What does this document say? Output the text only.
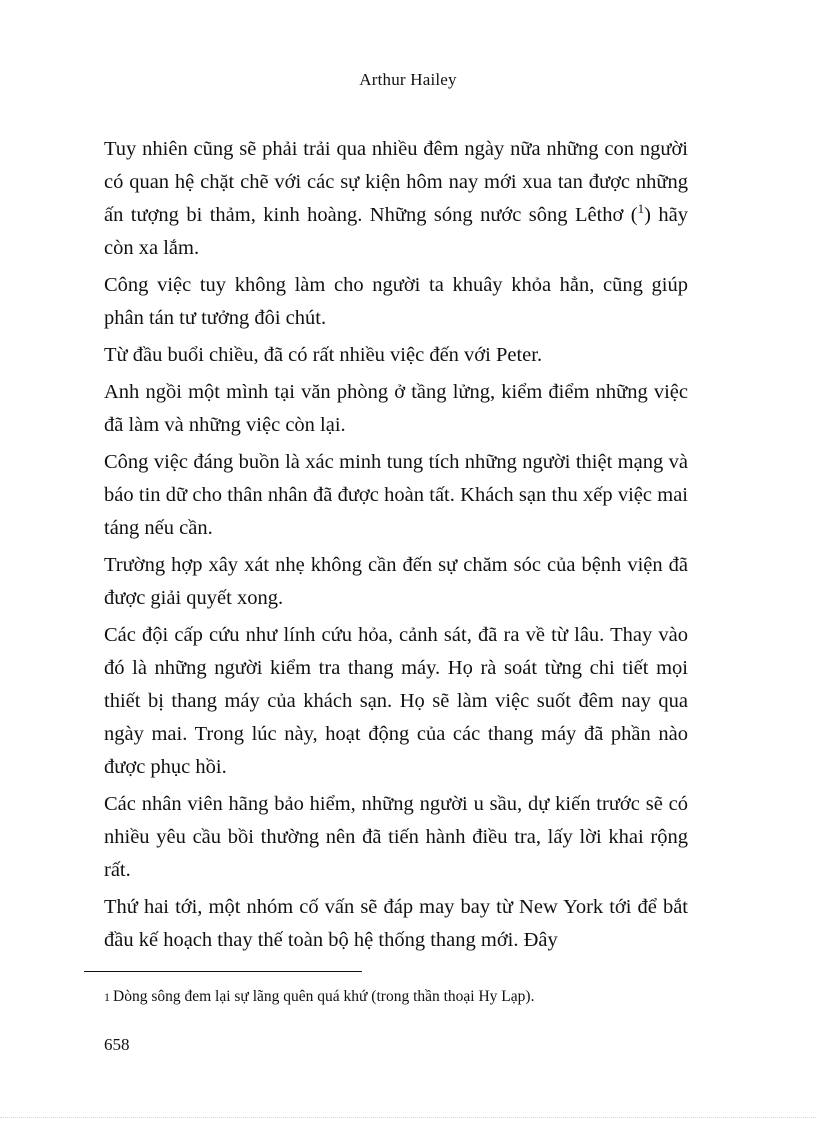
Arthur Hailey

Tuy nhiên cũng sẽ phải trải qua nhiều đêm ngày nữa những con người có quan hệ chặt chẽ với các sự kiện hôm nay mới xua tan được những ấn tượng bi thảm, kinh hoàng. Những sóng nước sông Lêthơ ($^1$) hãy còn xa lắm.

Công việc tuy không làm cho người ta khuây khỏa hẳn, cũng giúp phân tán tư tưởng đôi chút.

Từ đầu buổi chiều, đã có rất nhiều việc đến với Peter.

Anh ngồi một mình tại văn phòng ở tầng lửng, kiểm điểm những việc đã làm và những việc còn lại.

Công việc đáng buồn là xác minh tung tích những người thiệt mạng và báo tin dữ cho thân nhân đã được hoàn tất. Khách sạn thu xếp việc mai táng nếu cần.

Trường hợp xây xát nhẹ không cần đến sự chăm sóc của bệnh viện đã được giải quyết xong.

Các đội cấp cứu như lính cứu hỏa, cảnh sát, đã ra về từ lâu. Thay vào đó là những người kiểm tra thang máy. Họ rà soát từng chi tiết mọi thiết bị thang máy của khách sạn. Họ sẽ làm việc suốt đêm nay qua ngày mai. Trong lúc này, hoạt động của các thang máy đã phần nào được phục hồi.

Các nhân viên hãng bảo hiểm, những người u sầu, dự kiến trước sẽ có nhiều yêu cầu bồi thường nên đã tiến hành điều tra, lấy lời khai rộng rất.

Thứ hai tới, một nhóm cố vấn sẽ đáp may bay từ New York tới để bắt đầu kế hoạch thay thế toàn bộ hệ thống thang mới. Đây

1 Dòng sông đem lại sự lãng quên quá khứ (trong thần thoại Hy Lạp).
658
